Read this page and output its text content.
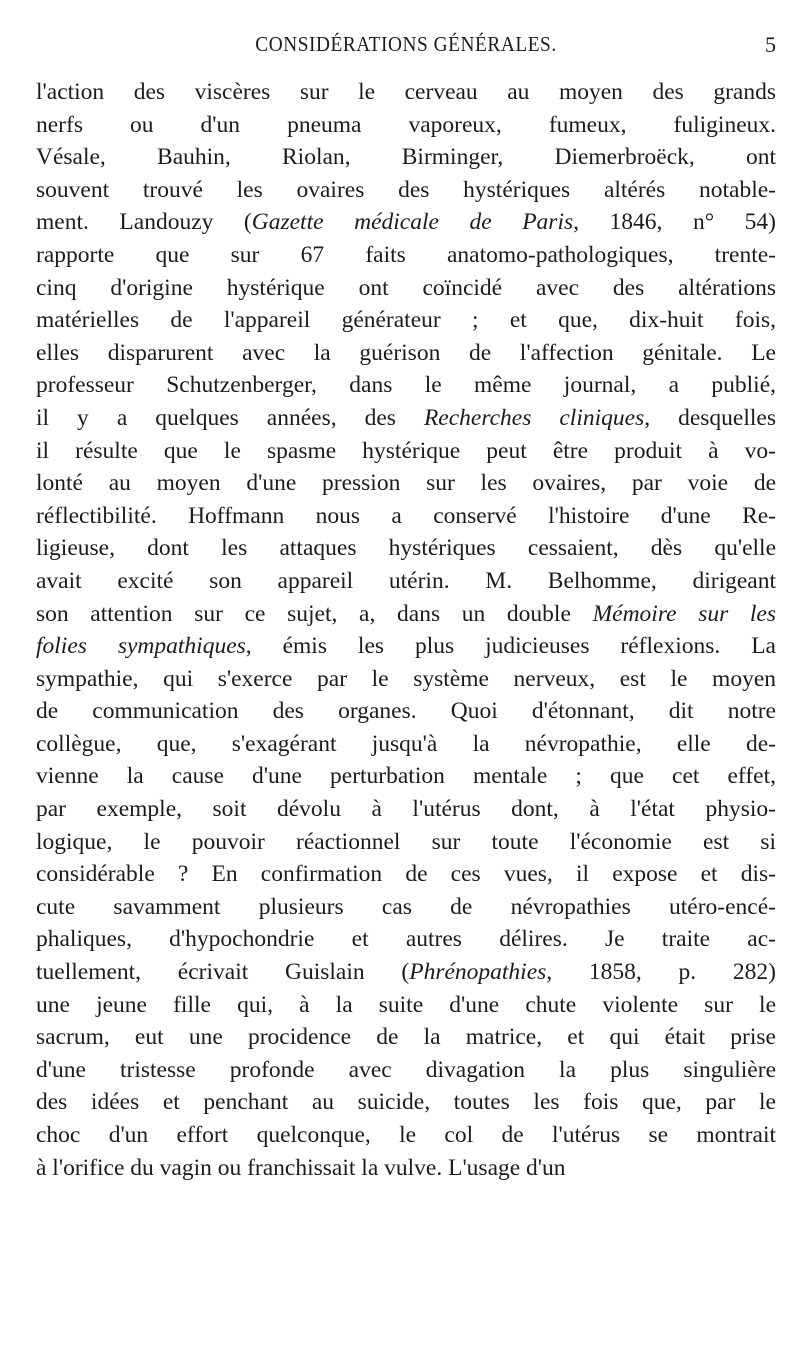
CONSIDÉRATIONS GÉNÉRALES.	5
l'action des viscères sur le cerveau au moyen des grands
nerfs ou d'un pneuma vaporeux, fumeux, fuligineux.
Vésale, Bauhin, Riolan, Birminger, Diemerbroëck, ont
souvent trouvé les ovaires des hystériques altérés notable-
ment. Landouzy (Gazette médicale de Paris, 1846, n° 54)
rapporte que sur 67 faits anatomo-pathologiques, trente-
cinq d'origine hystérique ont coïncidé avec des altérations
matérielles de l'appareil générateur ; et que, dix-huit fois,
elles disparurent avec la guérison de l'affection génitale. Le
professeur Schutzenberger, dans le même journal, a publié,
il y a quelques années, des Recherches cliniques, desquelles
il résulte que le spasme hystérique peut être produit à vo-
lonté au moyen d'une pression sur les ovaires, par voie de
réflectibilité. Hoffmann nous a conservé l'histoire d'une Re-
ligieuse, dont les attaques hystériques cessaient, dès qu'elle
avait excité son appareil utérin. M. Belhomme, dirigeant
son attention sur ce sujet, a, dans un double Mémoire sur les
folies sympathiques, émis les plus judicieuses réflexions. La
sympathie, qui s'exerce par le système nerveux, est le moyen
de communication des organes. Quoi d'étonnant, dit notre
collègue, que, s'exagérant jusqu'à la névropathie, elle de-
vienne la cause d'une perturbation mentale ; que cet effet,
par exemple, soit dévolu à l'utérus dont, à l'état physio-
logique, le pouvoir réactionnel sur toute l'économie est si
considérable ? En confirmation de ces vues, il expose et dis-
cute savamment plusieurs cas de névropathies utéro-encé-
phaliques, d'hypochondrie et autres délires. Je traite ac-
tuellement, écrivait Guislain (Phrénopathies, 1858, p. 282)
une jeune fille qui, à la suite d'une chute violente sur le
sacrum, eut une procidence de la matrice, et qui était prise
d'une tristesse profonde avec divagation la plus singulière
des idées et penchant au suicide, toutes les fois que, par le
choc d'un effort quelconque, le col de l'utérus se montrait
à l'orifice du vagin ou franchissait la vulve. L'usage d'un
